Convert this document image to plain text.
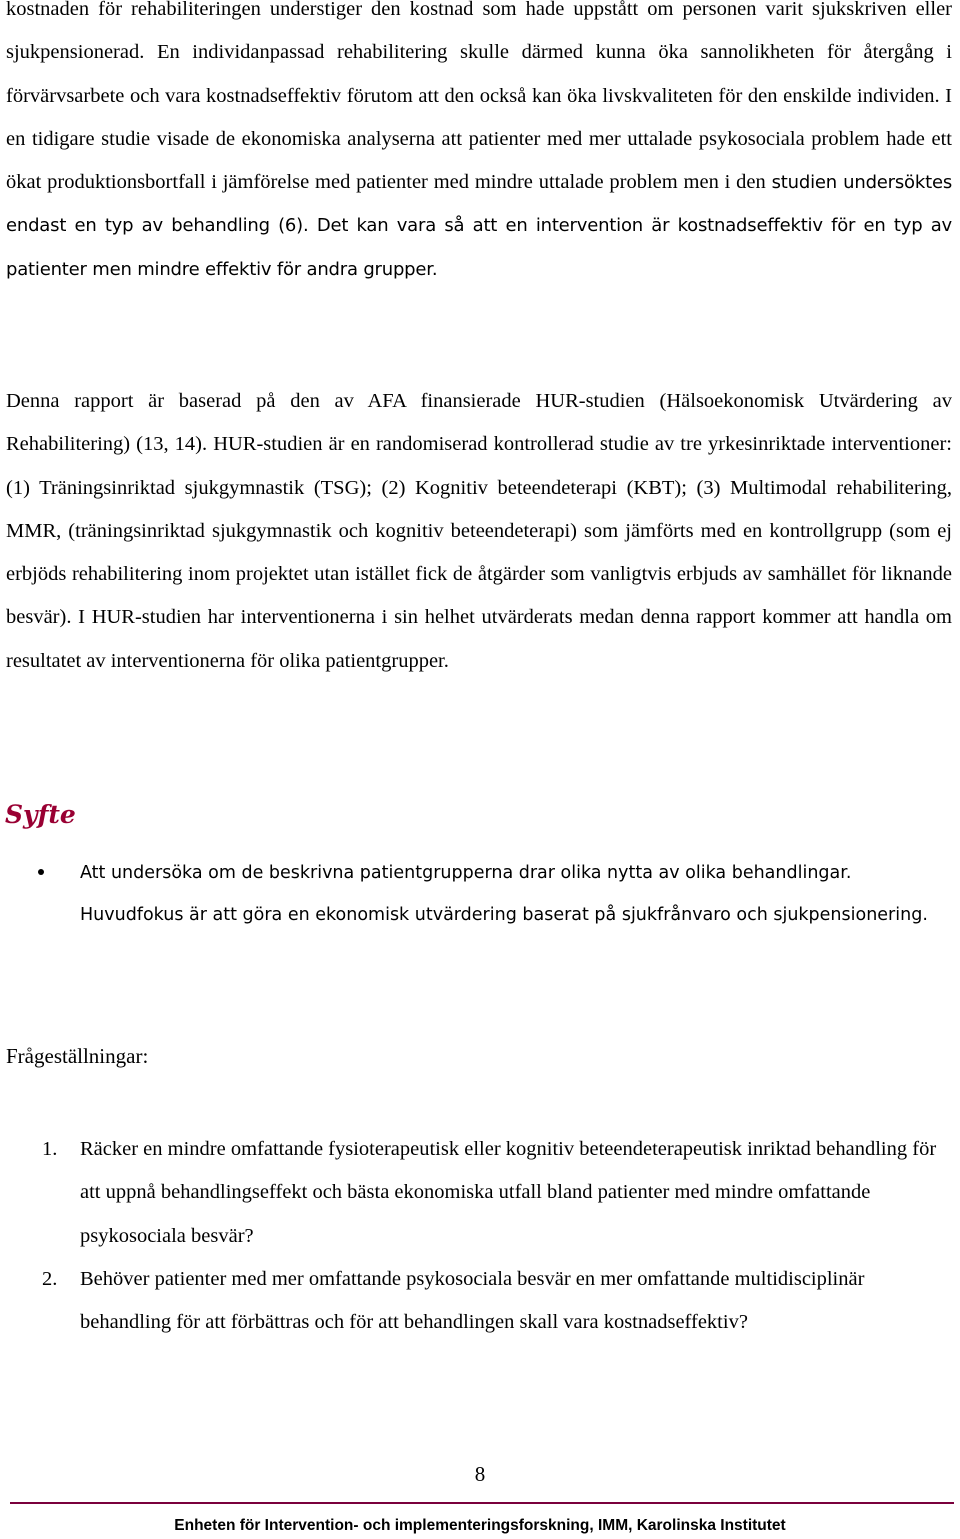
kostnaden för rehabiliteringen understiger den kostnad som hade uppstått om personen varit sjukskriven eller sjukpensionerad. En individanpassad rehabilitering skulle därmed kunna öka sannolikheten för återgång i förvärvsarbete och vara kostnadseffektiv förutom att den också kan öka livskvaliteten för den enskilde individen. I en tidigare studie visade de ekonomiska analyserna att patienter med mer uttalade psykosociala problem hade ett ökat produktionsbortfall i jämförelse med patienter med mindre uttalade problem men i den studien undersöktes endast en typ av behandling (6). Det kan vara så att en intervention är kostnadseffektiv för en typ av patienter men mindre effektiv för andra grupper.

Denna rapport är baserad på den av AFA finansierade HUR-studien (Hälsoekonomisk Utvärdering av Rehabilitering) (13, 14). HUR-studien är en randomiserad kontrollerad studie av tre yrkesinriktade interventioner: (1) Träningsinriktad sjukgymnastik (TSG); (2) Kognitiv beteendeterapi (KBT); (3) Multimodal rehabilitering, MMR, (träningsinriktad sjukgymnastik och kognitiv beteendeterapi) som jämförts med en kontrollgrupp (som ej erbjöds rehabilitering inom projektet utan istället fick de åtgärder som vanligtvis erbjuds av samhället för liknande besvär). I HUR-studien har interventionerna i sin helhet utvärderats medan denna rapport kommer att handla om resultatet av interventionerna för olika patientgrupper.

Syfte
Att undersöka om de beskrivna patientgrupperna drar olika nytta av olika behandlingar. Huvudfokus är att göra en ekonomisk utvärdering baserat på sjukfrånvaro och sjukpensionering.

Frågeställningar:

1. Räcker en mindre omfattande fysioterapeutisk eller kognitiv beteendeterapeutisk inriktad behandling för att uppnå behandlingseffekt och bästa ekonomiska utfall bland patienter med mindre omfattande psykosociala besvär?
2. Behöver patienter med mer omfattande psykosociala besvär en mer omfattande multidisciplinär behandling för att förbättras och för att behandlingen skall vara kostnadseffektiv?

8

Enheten för Intervention- och implementeringsforskning, IMM, Karolinska Institutet
